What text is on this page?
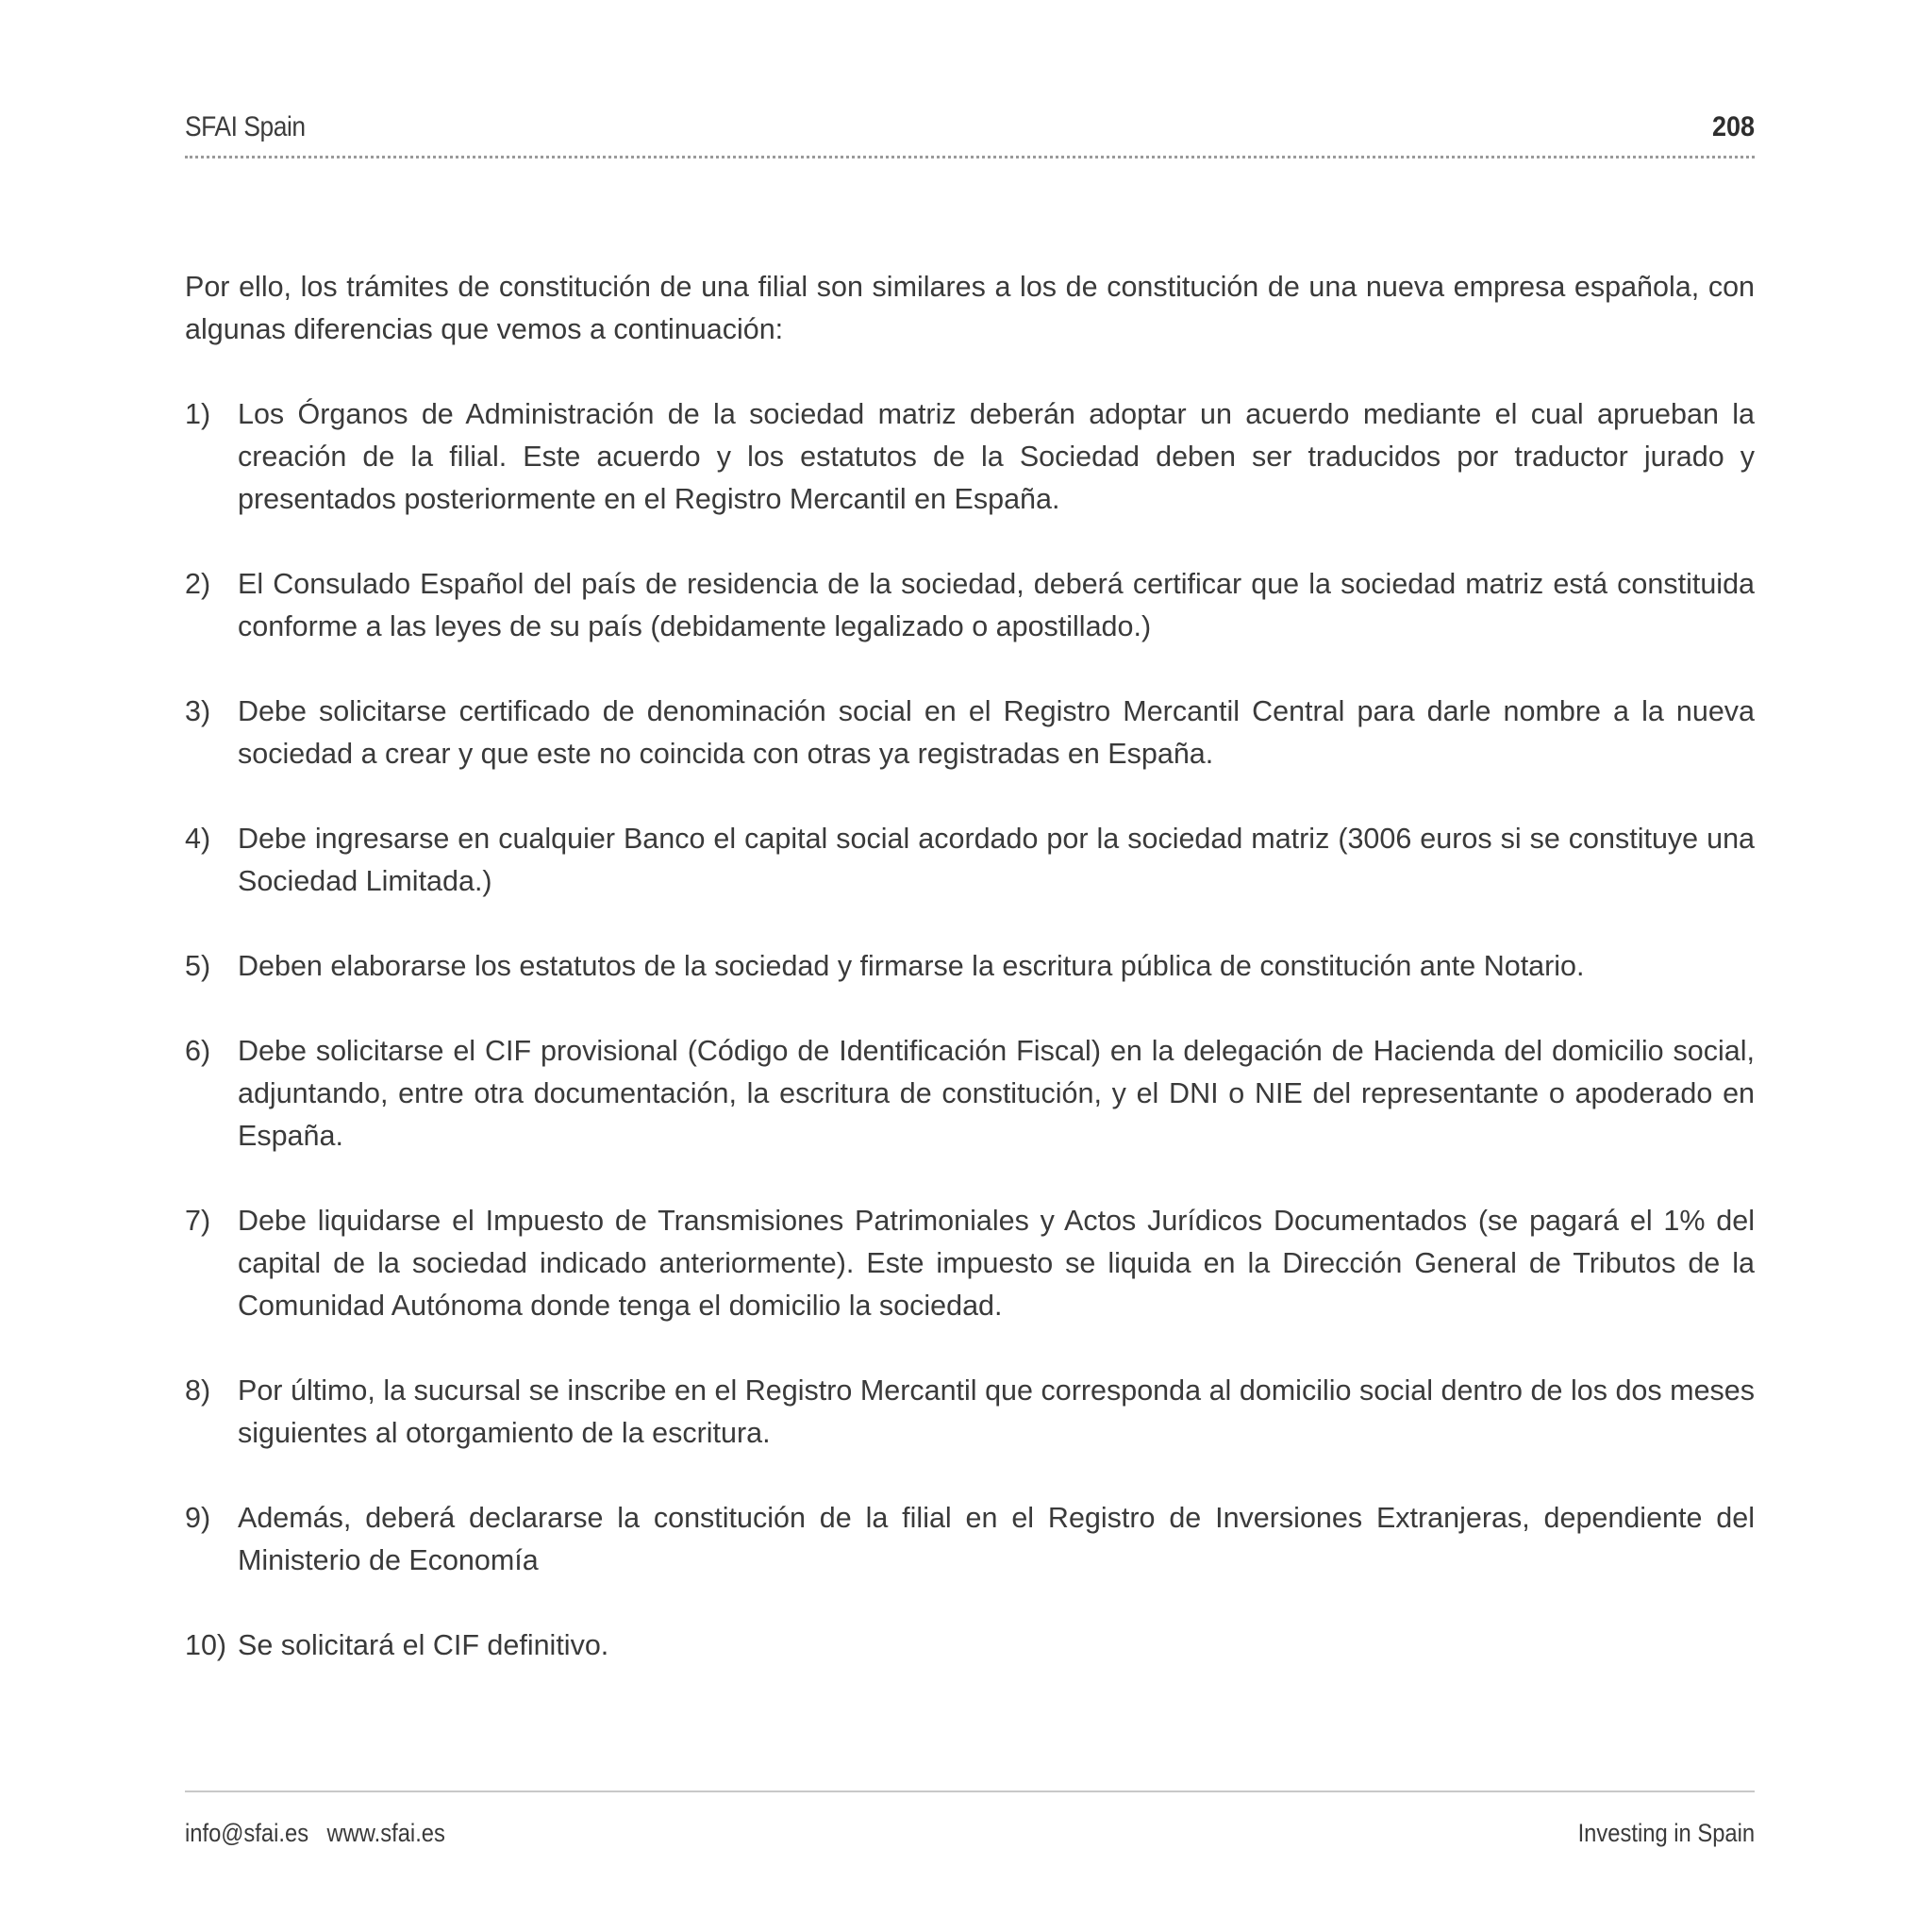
SFAI Spain	208

Por ello, los trámites de constitución de una filial son similares a los de constitución de una nueva empresa española, con algunas diferencias que vemos a continuación:

1) Los Órganos de Administración de la sociedad matriz deberán adoptar un acuerdo mediante el cual aprueban la creación de la filial. Este acuerdo y los estatutos de la Sociedad deben ser traducidos por traductor jurado y presentados posteriormente en el Registro Mercantil en España.
2) El Consulado Español del país de residencia de la sociedad, deberá certificar que la sociedad matriz está constituida conforme a las leyes de su país (debidamente legalizado o apostillado.)
3) Debe solicitarse certificado de denominación social en el Registro Mercantil Central para darle nombre a la nueva sociedad a crear y que este no coincida con otras ya registradas en España.
4) Debe ingresarse en cualquier Banco el capital social acordado por la sociedad matriz (3006 euros si se constituye una Sociedad Limitada.)
5) Deben elaborarse los estatutos de la sociedad y firmarse la escritura pública de constitución ante Notario.
6) Debe solicitarse el CIF provisional (Código de Identificación Fiscal) en la delegación de Hacienda del domicilio social, adjuntando, entre otra documentación, la escritura de constitución, y el DNI o NIE del representante o apoderado en España.
7) Debe liquidarse el Impuesto de Transmisiones Patrimoniales y Actos Jurídicos Documentados (se pagará el 1% del capital de la sociedad indicado anteriormente). Este impuesto se liquida en la Dirección General de Tributos de la Comunidad Autónoma donde tenga el domicilio la sociedad.
8) Por último, la sucursal se inscribe en el Registro Mercantil que corresponda al domicilio social dentro de los dos meses siguientes al otorgamiento de la escritura.
9) Además, deberá declararse la constitución de la filial en el Registro de Inversiones Extranjeras, dependiente del Ministerio de Economía
10) Se solicitará el CIF definitivo.
info@sfai.es www.sfai.es	Investing in Spain
